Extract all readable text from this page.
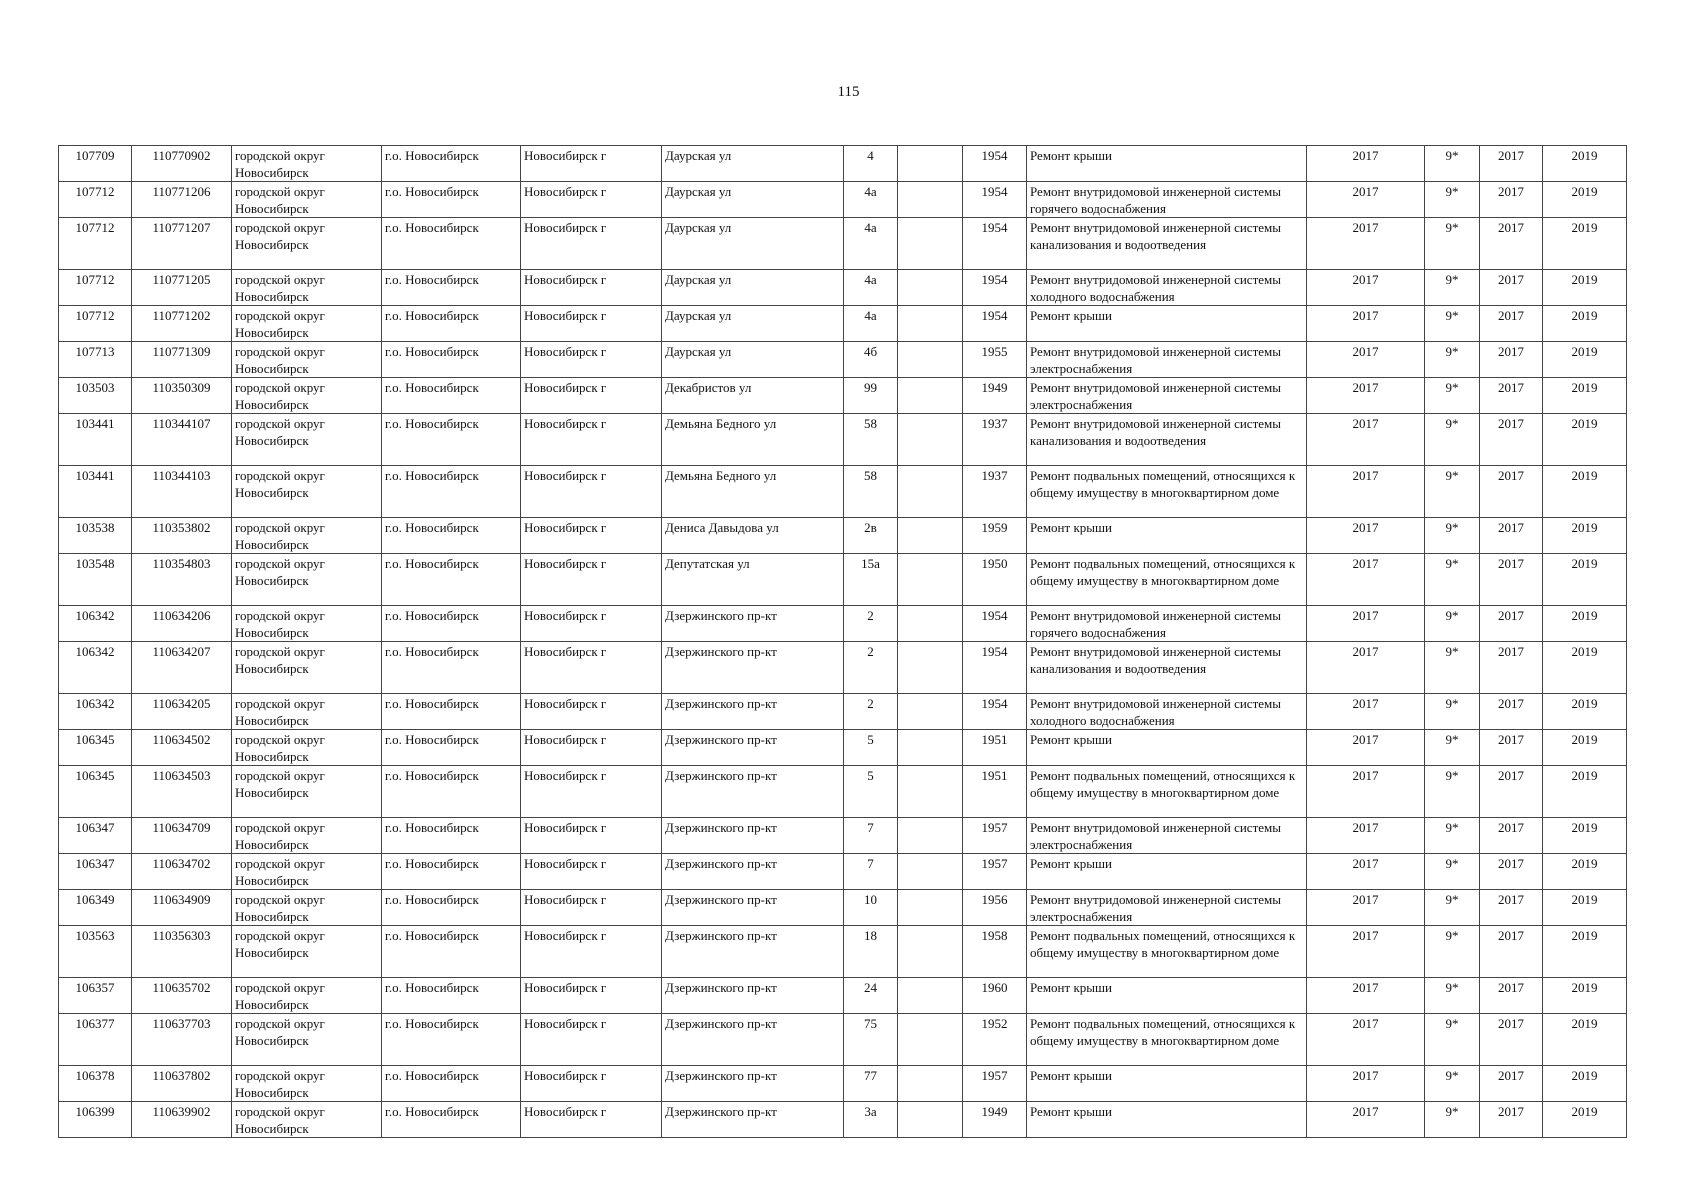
115
107709	110770902	городской округ Новосибирск	г.о. Новосибирск	Новосибирск г	Даурская ул	4		1954	Ремонт крыши	2017	9*	2017	2019
107712	110771206	городской округ Новосибирск	г.о. Новосибирск	Новосибирск г	Даурская ул	4а		1954	Ремонт внутридомовой инженерной системы горячего водоснабжения	2017	9*	2017	2019
107712	110771207	городской округ Новосибирск	г.о. Новосибирск	Новосибирск г	Даурская ул	4а		1954	Ремонт внутридомовой инженерной системы канализования и водоотведения	2017	9*	2017	2019
107712	110771205	городской округ Новосибирск	г.о. Новосибирск	Новосибирск г	Даурская ул	4а		1954	Ремонт внутридомовой инженерной системы холодного водоснабжения	2017	9*	2017	2019
107712	110771202	городской округ Новосибирск	г.о. Новосибирск	Новосибирск г	Даурская ул	4а		1954	Ремонт крыши	2017	9*	2017	2019
107713	110771309	городской округ Новосибирск	г.о. Новосибирск	Новосибирск г	Даурская ул	4б		1955	Ремонт внутридомовой инженерной системы электроснабжения	2017	9*	2017	2019
103503	110350309	городской округ Новосибирск	г.о. Новосибирск	Новосибирск г	Декабристов ул	99		1949	Ремонт внутридомовой инженерной системы электроснабжения	2017	9*	2017	2019
103441	110344107	городской округ Новосибирск	г.о. Новосибирск	Новосибирск г	Демьяна Бедного ул	58		1937	Ремонт внутридомовой инженерной системы канализования и водоотведения	2017	9*	2017	2019
103441	110344103	городской округ Новосибирск	г.о. Новосибирск	Новосибирск г	Демьяна Бедного ул	58		1937	Ремонт подвальных помещений, относящихся к общему имуществу в многоквартирном доме	2017	9*	2017	2019
103538	110353802	городской округ Новосибирск	г.о. Новосибирск	Новосибирск г	Дениса Давыдова ул	2в		1959	Ремонт крыши	2017	9*	2017	2019
103548	110354803	городской округ Новосибирск	г.о. Новосибирск	Новосибирск г	Депутатская ул	15а		1950	Ремонт подвальных помещений, относящихся к общему имуществу в многоквартирном доме	2017	9*	2017	2019
106342	110634206	городской округ Новосибирск	г.о. Новосибирск	Новосибирск г	Дзержинского пр-кт	2		1954	Ремонт внутридомовой инженерной системы горячего водоснабжения	2017	9*	2017	2019
106342	110634207	городской округ Новосибирск	г.о. Новосибирск	Новосибирск г	Дзержинского пр-кт	2		1954	Ремонт внутридомовой инженерной системы канализования и водоотведения	2017	9*	2017	2019
106342	110634205	городской округ Новосибирск	г.о. Новосибирск	Новосибирск г	Дзержинского пр-кт	2		1954	Ремонт внутридомовой инженерной системы холодного водоснабжения	2017	9*	2017	2019
106345	110634502	городской округ Новосибирск	г.о. Новосибирск	Новосибирск г	Дзержинского пр-кт	5		1951	Ремонт крыши	2017	9*	2017	2019
106345	110634503	городской округ Новосибирск	г.о. Новосибирск	Новосибирск г	Дзержинского пр-кт	5		1951	Ремонт подвальных помещений, относящихся к общему имуществу в многоквартирном доме	2017	9*	2017	2019
106347	110634709	городской округ Новосибирск	г.о. Новосибирск	Новосибирск г	Дзержинского пр-кт	7		1957	Ремонт внутридомовой инженерной системы электроснабжения	2017	9*	2017	2019
106347	110634702	городской округ Новосибирск	г.о. Новосибирск	Новосибирск г	Дзержинского пр-кт	7		1957	Ремонт крыши	2017	9*	2017	2019
106349	110634909	городской округ Новосибирск	г.о. Новосибирск	Новосибирск г	Дзержинского пр-кт	10		1956	Ремонт внутридомовой инженерной системы электроснабжения	2017	9*	2017	2019
103563	110356303	городской округ Новосибирск	г.о. Новосибирск	Новосибирск г	Дзержинского пр-кт	18		1958	Ремонт подвальных помещений, относящихся к общему имуществу в многоквартирном доме	2017	9*	2017	2019
106357	110635702	городской округ Новосибирск	г.о. Новосибирск	Новосибирск г	Дзержинского пр-кт	24		1960	Ремонт крыши	2017	9*	2017	2019
106377	110637703	городской округ Новосибирск	г.о. Новосибирск	Новосибирск г	Дзержинского пр-кт	75		1952	Ремонт подвальных помещений, относящихся к общему имуществу в многоквартирном доме	2017	9*	2017	2019
106378	110637802	городской округ Новосибирск	г.о. Новосибирск	Новосибирск г	Дзержинского пр-кт	77		1957	Ремонт крыши	2017	9*	2017	2019
106399	110639902	городской округ Новосибирск	г.о. Новосибирск	Новосибирск г	Дзержинского пр-кт	3а		1949	Ремонт крыши	2017	9*	2017	2019
